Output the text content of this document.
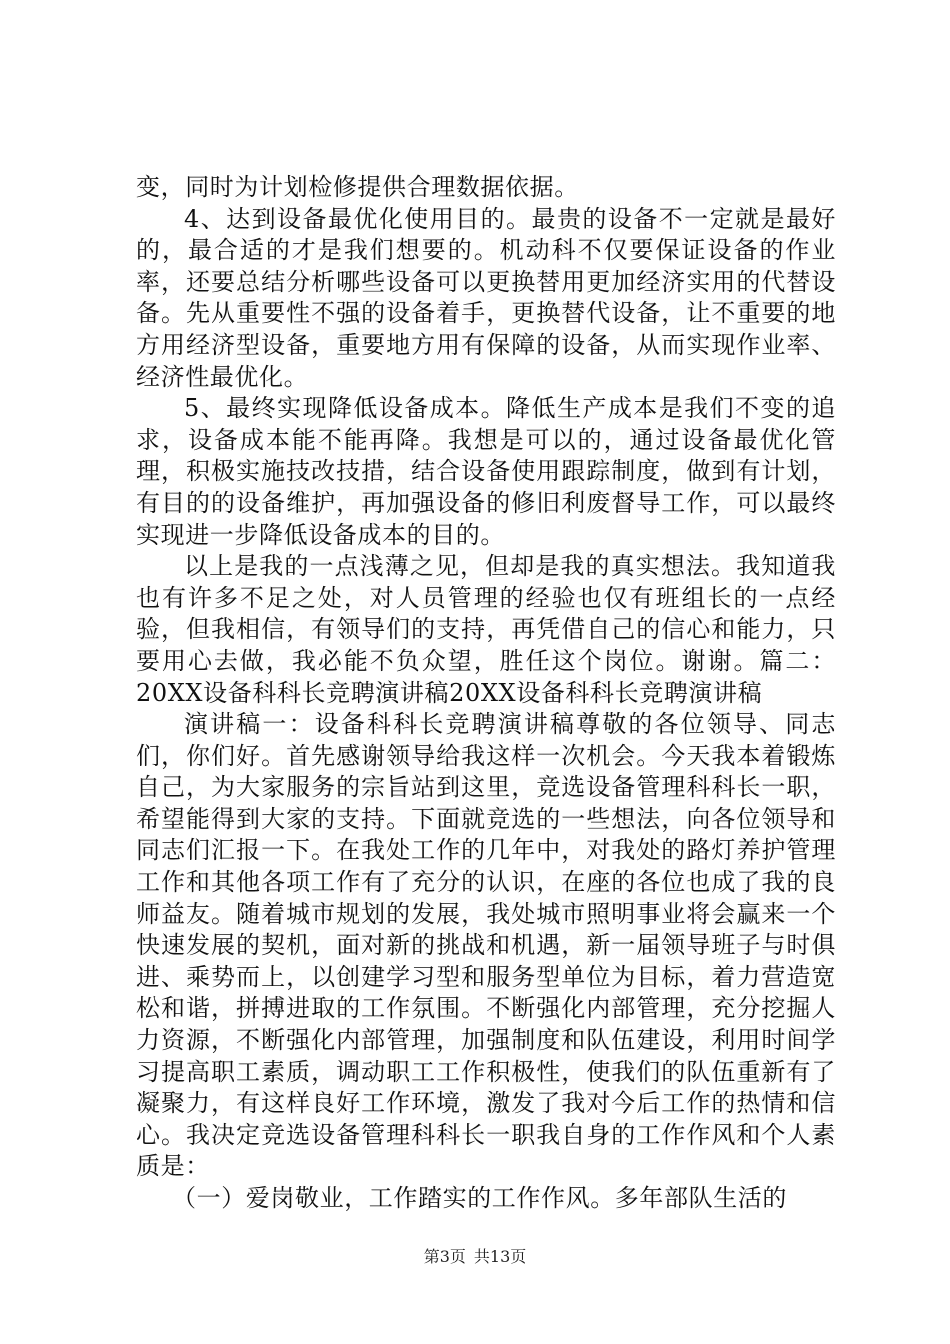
变，同时为计划检修提供合理数据依据。

4、达到设备最优化使用目的。最贵的设备不一定就是最好的，最合适的才是我们想要的。机动科不仅要保证设备的作业率，还要总结分析哪些设备可以更换替用更加经济实用的代替设备。先从重要性不强的设备着手，更换替代设备，让不重要的地方用经济型设备，重要地方用有保障的设备，从而实现作业率、经济性最优化。

5、最终实现降低设备成本。降低生产成本是我们不变的追求，设备成本能不能再降。我想是可以的，通过设备最优化管理，积极实施技改技措，结合设备使用跟踪制度，做到有计划，有目的的设备维护，再加强设备的修旧利废督导工作，可以最终实现进一步降低设备成本的目的。

以上是我的一点浅薄之见，但却是我的真实想法。我知道我也有许多不足之处，对人员管理的经验也仅有班组长的一点经验，但我相信，有领导们的支持，再凭借自己的信心和能力，只要用心去做，我必能不负众望，胜任这个岗位。谢谢。篇二：20XX设备科科长竞聘演讲稿20XX设备科科长竞聘演讲稿

演讲稿一：设备科科长竞聘演讲稿尊敬的各位领导、同志们，你们好。首先感谢领导给我这样一次机会。今天我本着锻炼自己，为大家服务的宗旨站到这里，竞选设备管理科科长一职，希望能得到大家的支持。下面就竞选的一些想法，向各位领导和同志们汇报一下。在我处工作的几年中，对我处的路灯养护管理工作和其他各项工作有了充分的认识，在座的各位也成了我的良师益友。随着城市规划的发展，我处城市照明事业将会赢来一个快速发展的契机，面对新的挑战和机遇，新一届领导班子与时俱进、乘势而上，以创建学习型和服务型单位为目标，着力营造宽松和谐，拼搏进取的工作氛围。不断强化内部管理，充分挖掘人力资源，不断强化内部管理，加强制度和队伍建设，利用时间学习提高职工素质，调动职工工作积极性，使我们的队伍重新有了凝聚力，有这样良好工作环境，激发了我对今后工作的热情和信心。我决定竞选设备管理科科长一职我自身的工作作风和个人素质是：

（一）爱岗敬业，工作踏实的工作作风。多年部队生活的

第3页 共13页
